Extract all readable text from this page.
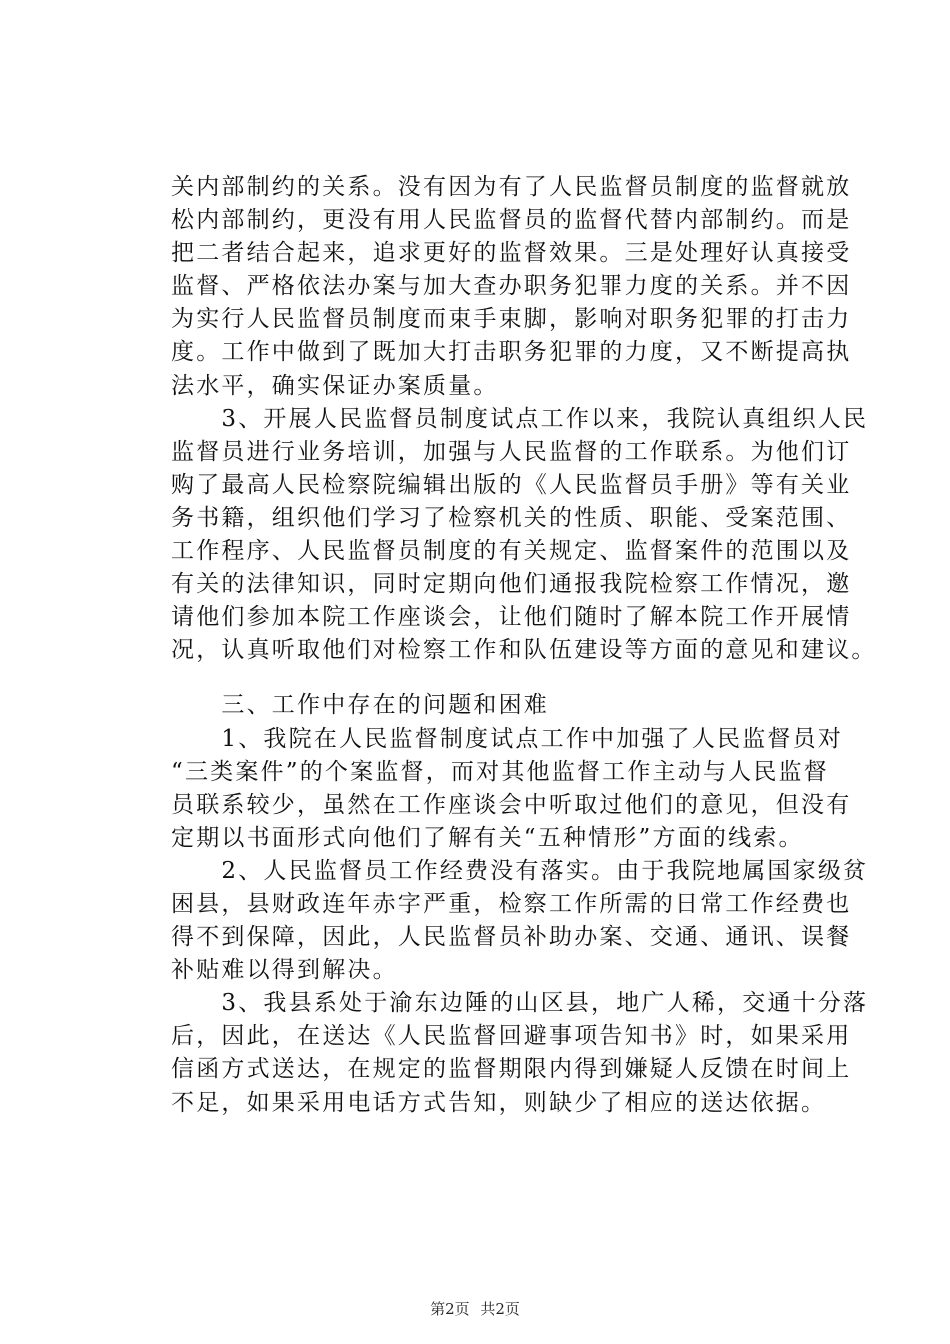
关内部制约的关系。没有因为有了人民监督员制度的监督就放
松内部制约，更没有用人民监督员的监督代替内部制约。而是
把二者结合起来，追求更好的监督效果。三是处理好认真接受
监督、严格依法办案与加大查办职务犯罪力度的关系。并不因
为实行人民监督员制度而束手束脚，影响对职务犯罪的打击力
度。工作中做到了既加大打击职务犯罪的力度，又不断提高执
法水平，确实保证办案质量。
　　3、开展人民监督员制度试点工作以来，我院认真组织人民
监督员进行业务培训，加强与人民监督的工作联系。为他们订
购了最高人民检察院编辑出版的《人民监督员手册》等有关业
务书籍，组织他们学习了检察机关的性质、职能、受案范围、
工作程序、人民监督员制度的有关规定、监督案件的范围以及
有关的法律知识，同时定期向他们通报我院检察工作情况，邀
请他们参加本院工作座谈会，让他们随时了解本院工作开展情
况，认真听取他们对检察工作和队伍建设等方面的意见和建议。
　　三、工作中存在的问题和困难
　　1、我院在人民监督制度试点工作中加强了人民监督员对
“三类案件”的个案监督，而对其他监督工作主动与人民监督
员联系较少，虽然在工作座谈会中听取过他们的意见，但没有
定期以书面形式向他们了解有关“五种情形”方面的线索。
　　2、人民监督员工作经费没有落实。由于我院地属国家级贫
困县，县财政连年赤字严重，检察工作所需的日常工作经费也
得不到保障，因此，人民监督员补助办案、交通、通讯、误餐
补贴难以得到解决。
　　3、我县系处于渝东边陲的山区县，地广人稀，交通十分落
后，因此，在送达《人民监督回避事项告知书》时，如果采用
信函方式送达，在规定的监督期限内得到嫌疑人反馈在时间上
不足，如果采用电话方式告知，则缺少了相应的送达依据。
第2页 共2页
